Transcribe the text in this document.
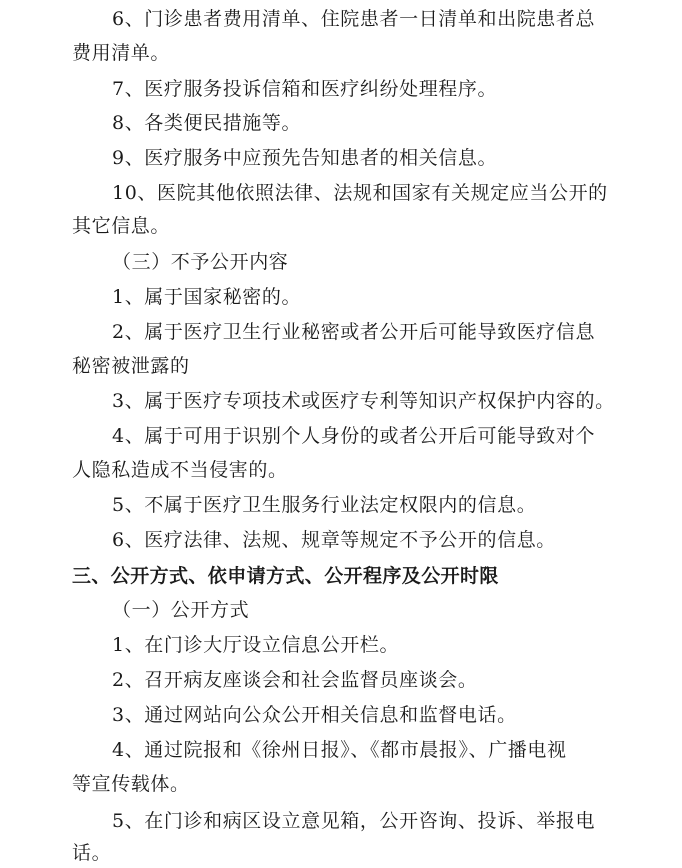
6、门诊患者费用清单、住院患者一日清单和出院患者总
费用清单。
7、医疗服务投诉信箱和医疗纠纷处理程序。
8、各类便民措施等。
9、医疗服务中应预先告知患者的相关信息。
10、医院其他依照法律、法规和国家有关规定应当公开的
其它信息。
（三）不予公开内容
1、属于国家秘密的。
2、属于医疗卫生行业秘密或者公开后可能导致医疗信息
秘密被泄露的
3、属于医疗专项技术或医疗专利等知识产权保护内容的。
4、属于可用于识别个人身份的或者公开后可能导致对个
人隐私造成不当侵害的。
5、不属于医疗卫生服务行业法定权限内的信息。
6、医疗法律、法规、规章等规定不予公开的信息。
三、公开方式、依申请方式、公开程序及公开时限
（一）公开方式
1、在门诊大厅设立信息公开栏。
2、召开病友座谈会和社会监督员座谈会。
3、通过网站向公众公开相关信息和监督电话。
4、通过院报和《徐州日报》、《都市晨报》、广播电视
等宣传载体。
5、在门诊和病区设立意见箱，公开咨询、投诉、举报电
话。
